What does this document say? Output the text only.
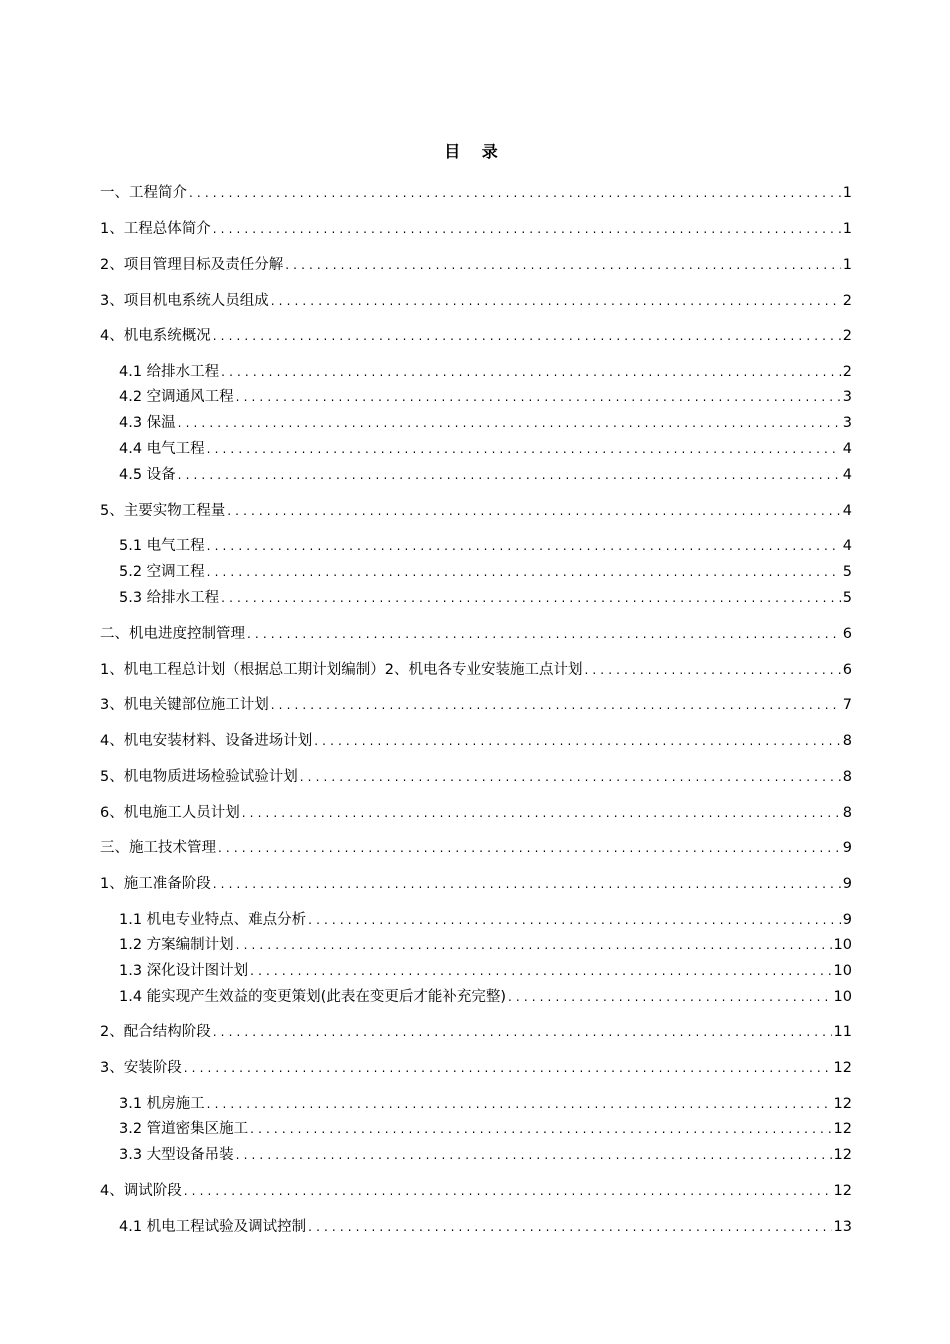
目 录
一、工程简介 .....	1
1、工程总体简介 .....	1
2、项目管理目标及责任分解 .....	1
3、项目机电系统人员组成 .....	2
4、机电系统概况 .....	2
4.1 给排水工程 .....	2
4.2 空调通风工程 .....	3
4.3 保温 .....	3
4.4 电气工程 .....	4
4.5 设备 .....	4
5、主要实物工程量 .....	4
5.1 电气工程 .....	4
5.2 空调工程 .....	5
5.3 给排水工程 .....	5
二、机电进度控制管理 .....	6
1、机电工程总计划（根据总工期计划编制）2、机电各专业安装施工点计划 .....	6
3、机电关键部位施工计划 .....	7
4、机电安装材料、设备进场计划 .....	8
5、机电物质进场检验试验计划 .....	8
6、机电施工人员计划 .....	8
三、施工技术管理 .....	9
1、施工准备阶段 .....	9
1.1 机电专业特点、难点分析 .....	9
1.2 方案编制计划 .....	10
1.3 深化设计图计划 .....	10
1.4 能实现产生效益的变更策划(此表在变更后才能补充完整) .....	10
2、配合结构阶段 .....	11
3、安装阶段 .....	12
3.1 机房施工 .....	12
3.2 管道密集区施工 .....	12
3.3 大型设备吊装 .....	12
4、调试阶段 .....	12
4.1 机电工程试验及调试控制 .....	13
